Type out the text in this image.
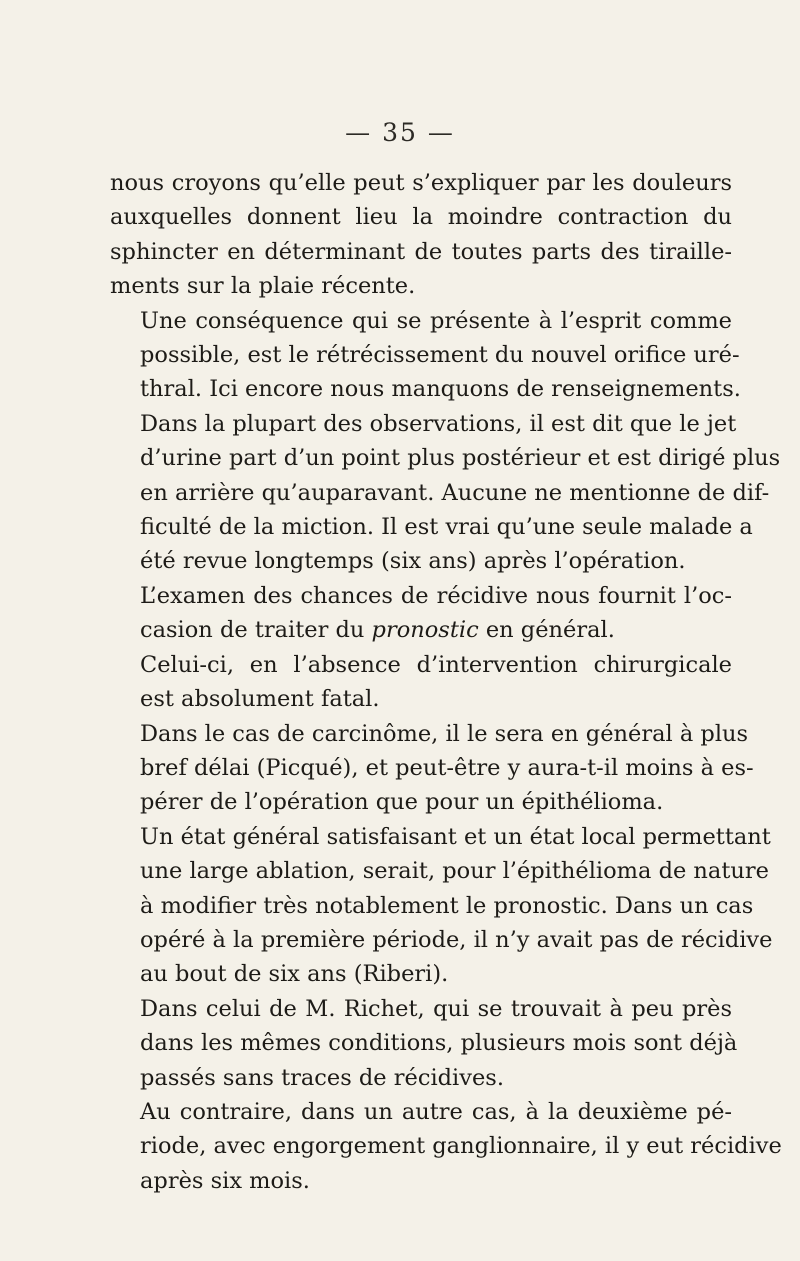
— 35 —
nous croyons qu’elle peut s’expliquer par les douleurs
auxquelles donnent lieu la moindre contraction du
sphincter en déterminant de toutes parts des tiraille-
ments sur la plaie récente.
Une conséquence qui se présente à l’esprit comme
possible, est le rétrécissement du nouvel orifice uré-
thral. Ici encore nous manquons de renseignements.
Dans la plupart des observations, il est dit que le jet
d’urine part d’un point plus postérieur et est dirigé plus
en arrière qu’auparavant. Aucune ne mentionne de dif-
ficulté de la miction. Il est vrai qu’une seule malade a
été revue longtemps (six ans) après l’opération.
L’examen des chances de récidive nous fournit l’oc-
casion de traiter du pronostic en général.
Celui-ci, en l’absence d’intervention chirurgicale
est absolument fatal.
Dans le cas de carcinôme, il le sera en général à plus
bref délai (Picqué), et peut-être y aura-t-il moins à es-
pérer de l’opération que pour un épithélioma.
Un état général satisfaisant et un état local permettant
une large ablation, serait, pour l’épithélioma de nature
à modifier très notablement le pronostic. Dans un cas
opéré à la première période, il n’y avait pas de récidive
au bout de six ans (Riberi).
Dans celui de M. Richet, qui se trouvait à peu près
dans les mêmes conditions, plusieurs mois sont déjà
passés sans traces de récidives.
Au contraire, dans un autre cas, à la deuxième pé-
riode, avec engorgement ganglionnaire, il y eut récidive
après six mois.
